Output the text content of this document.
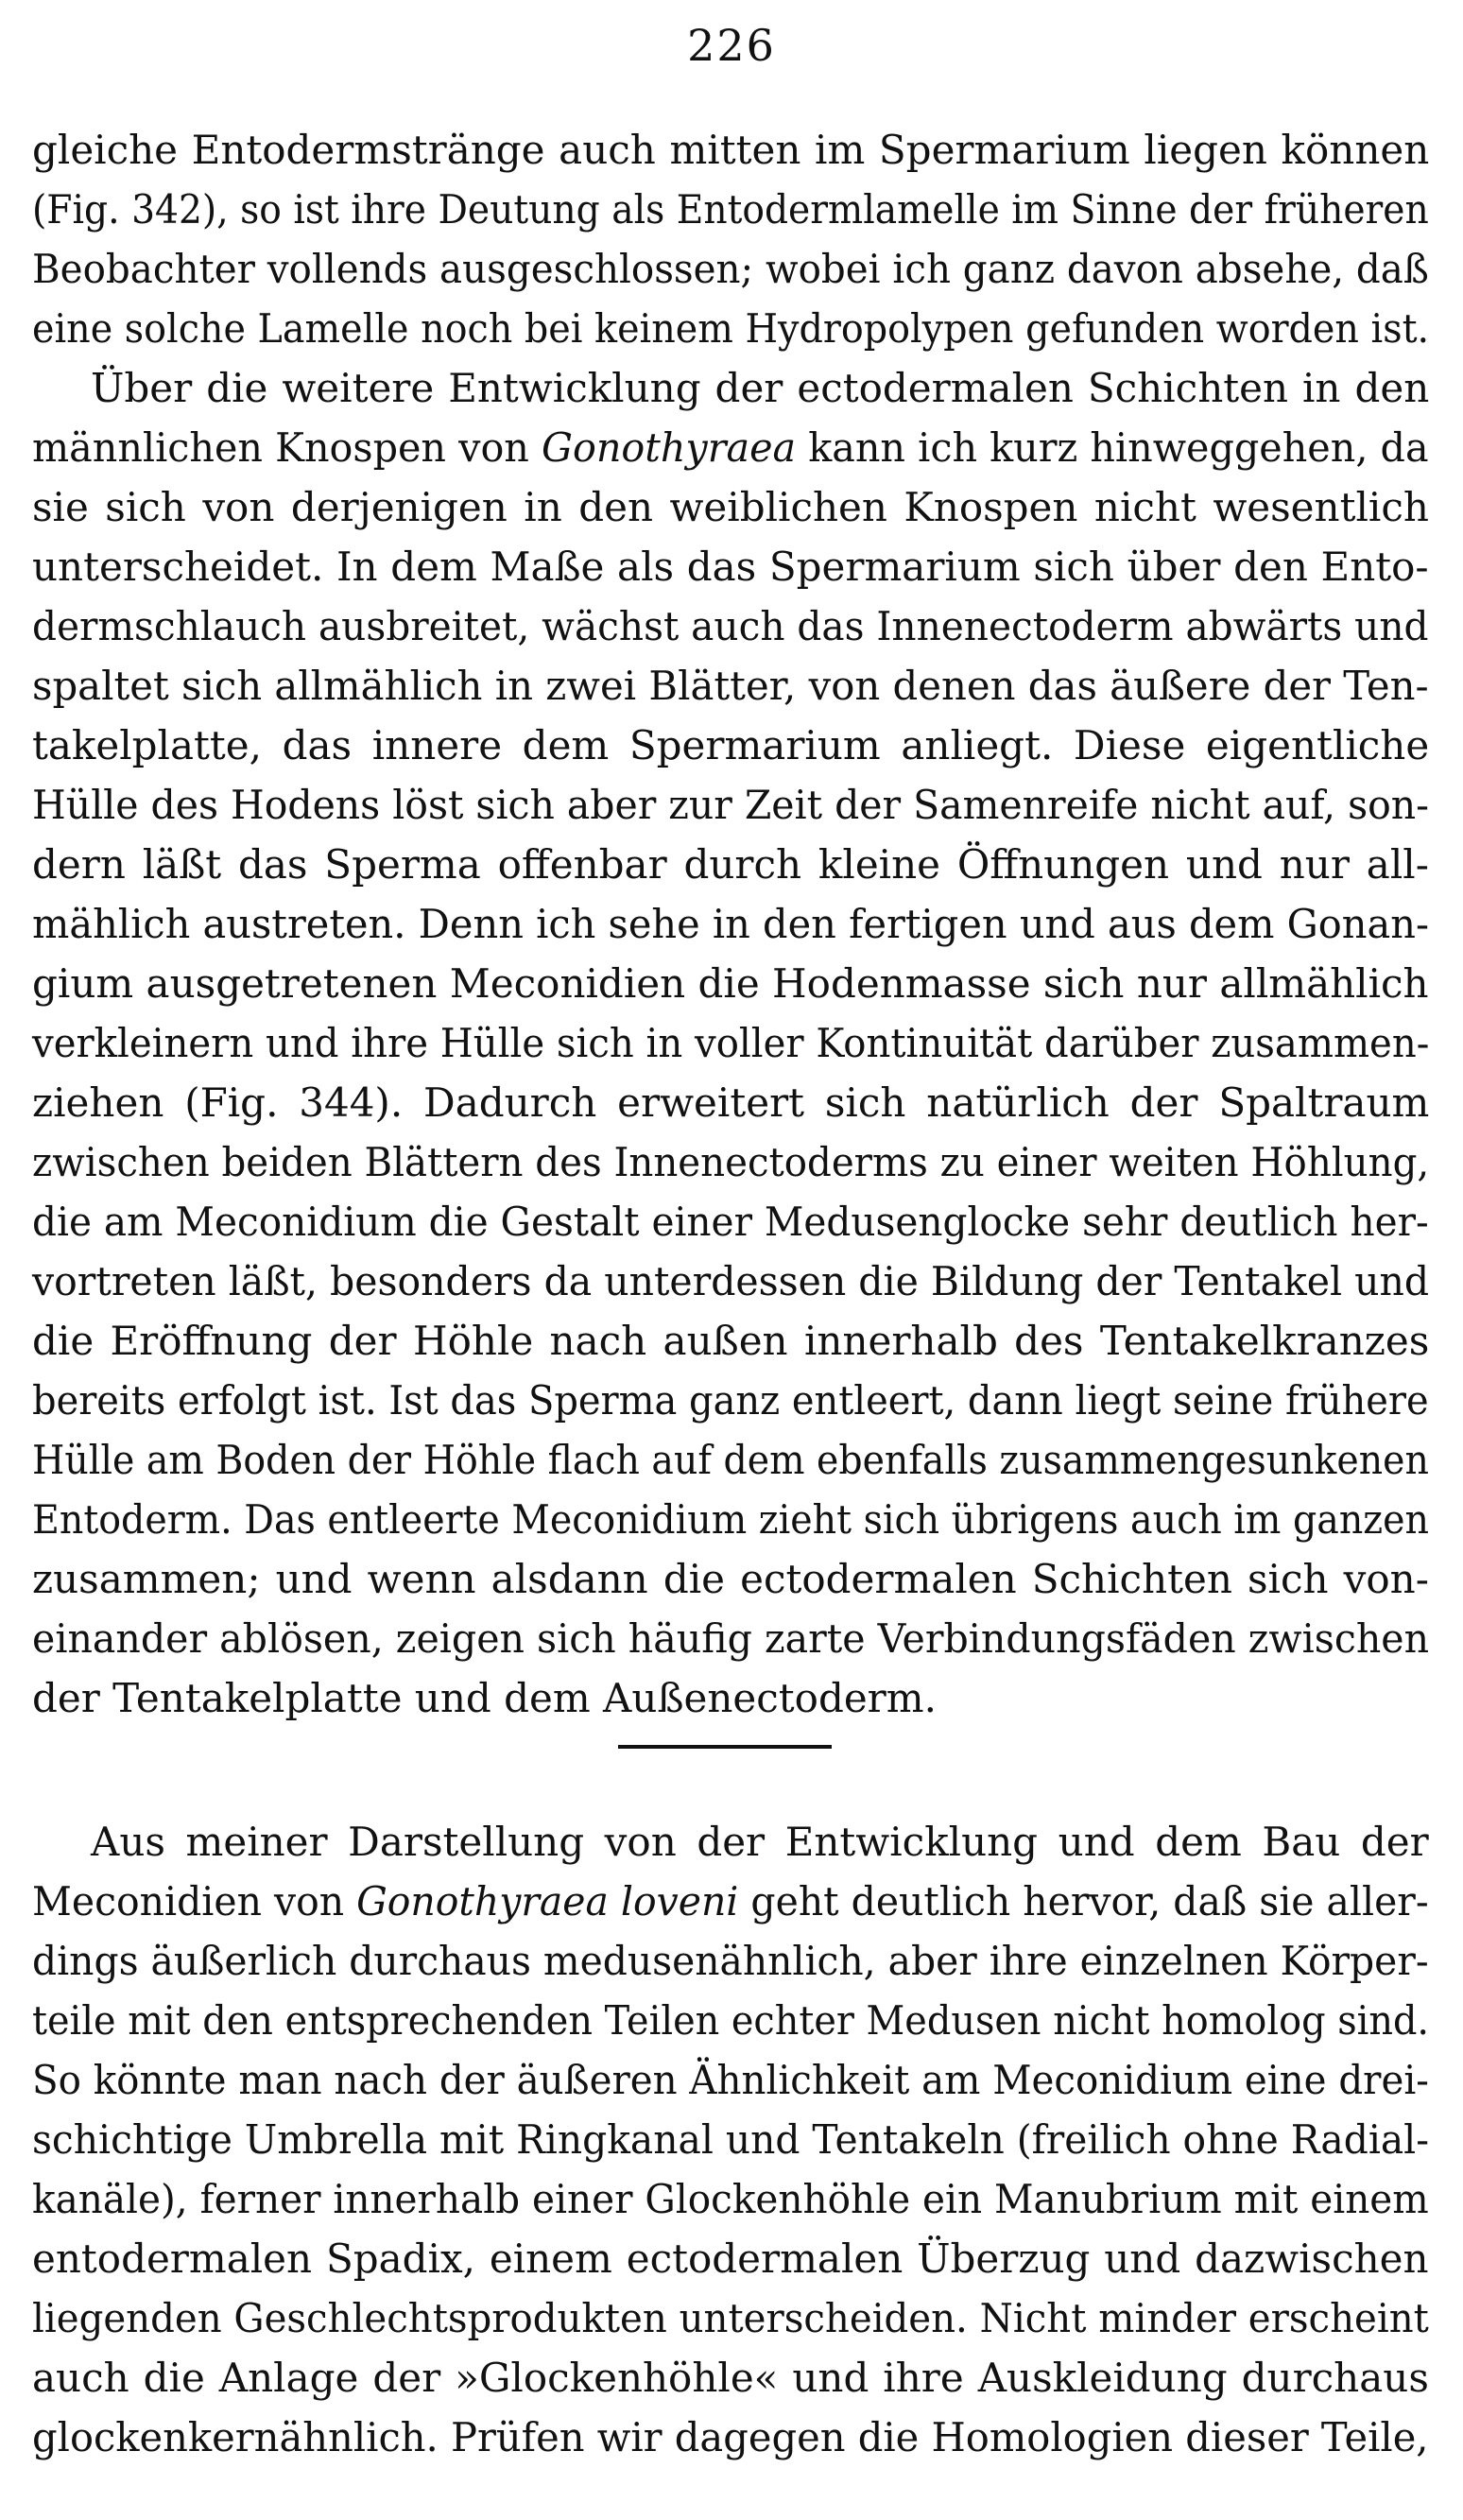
226
gleiche Entodermstränge auch mitten im Spermarium liegen können
(Fig. 342), so ist ihre Deutung als Entodermlamelle im Sinne der früheren
Beobachter vollends ausgeschlossen; wobei ich ganz davon absehe, daß
eine solche Lamelle noch bei keinem Hydropolypen gefunden worden ist.
Über die weitere Entwicklung der ectodermalen Schichten in den
männlichen Knospen von Gonothyraea kann ich kurz hinweggehen, da
sie sich von derjenigen in den weiblichen Knospen nicht wesentlich
unterscheidet. In dem Maße als das Spermarium sich über den Ento-
dermschlauch ausbreitet, wächst auch das Innenectoderm abwärts und
spaltet sich allmählich in zwei Blätter, von denen das äußere der Ten-
takelplatte, das innere dem Spermarium anliegt. Diese eigentliche
Hülle des Hodens löst sich aber zur Zeit der Samenreife nicht auf, son-
dern läßt das Sperma offenbar durch kleine Öffnungen und nur all-
mählich austreten. Denn ich sehe in den fertigen und aus dem Gonan-
gium ausgetretenen Meconidien die Hodenmasse sich nur allmählich
verkleinern und ihre Hülle sich in voller Kontinuität darüber zusammen-
ziehen (Fig. 344). Dadurch erweitert sich natürlich der Spaltraum
zwischen beiden Blättern des Innenectoderms zu einer weiten Höhlung,
die am Meconidium die Gestalt einer Medusenglocke sehr deutlich her-
vortreten läßt, besonders da unterdessen die Bildung der Tentakel und
die Eröffnung der Höhle nach außen innerhalb des Tentakelkranzes
bereits erfolgt ist. Ist das Sperma ganz entleert, dann liegt seine frühere
Hülle am Boden der Höhle flach auf dem ebenfalls zusammengesunkenen
Entoderm. Das entleerte Meconidium zieht sich übrigens auch im ganzen
zusammen; und wenn alsdann die ectodermalen Schichten sich von-
einander ablösen, zeigen sich häufig zarte Verbindungsfäden zwischen
der Tentakelplatte und dem Außenectoderm.
Aus meiner Darstellung von der Entwicklung und dem Bau der
Meconidien von Gonothyraea loveni geht deutlich hervor, daß sie aller-
dings äußerlich durchaus medusenähnlich, aber ihre einzelnen Körper-
teile mit den entsprechenden Teilen echter Medusen nicht homolog sind.
So könnte man nach der äußeren Ähnlichkeit am Meconidium eine drei-
schichtige Umbrella mit Ringkanal und Tentakeln (freilich ohne Radial-
kanäle), ferner innerhalb einer Glockenhöhle ein Manubrium mit einem
entodermalen Spadix, einem ectodermalen Überzug und dazwischen
liegenden Geschlechtsprodukten unterscheiden. Nicht minder erscheint
auch die Anlage der »Glockenhöhle« und ihre Auskleidung durchaus
glockenkernähnlich. Prüfen wir dagegen die Homologien dieser Teile,
